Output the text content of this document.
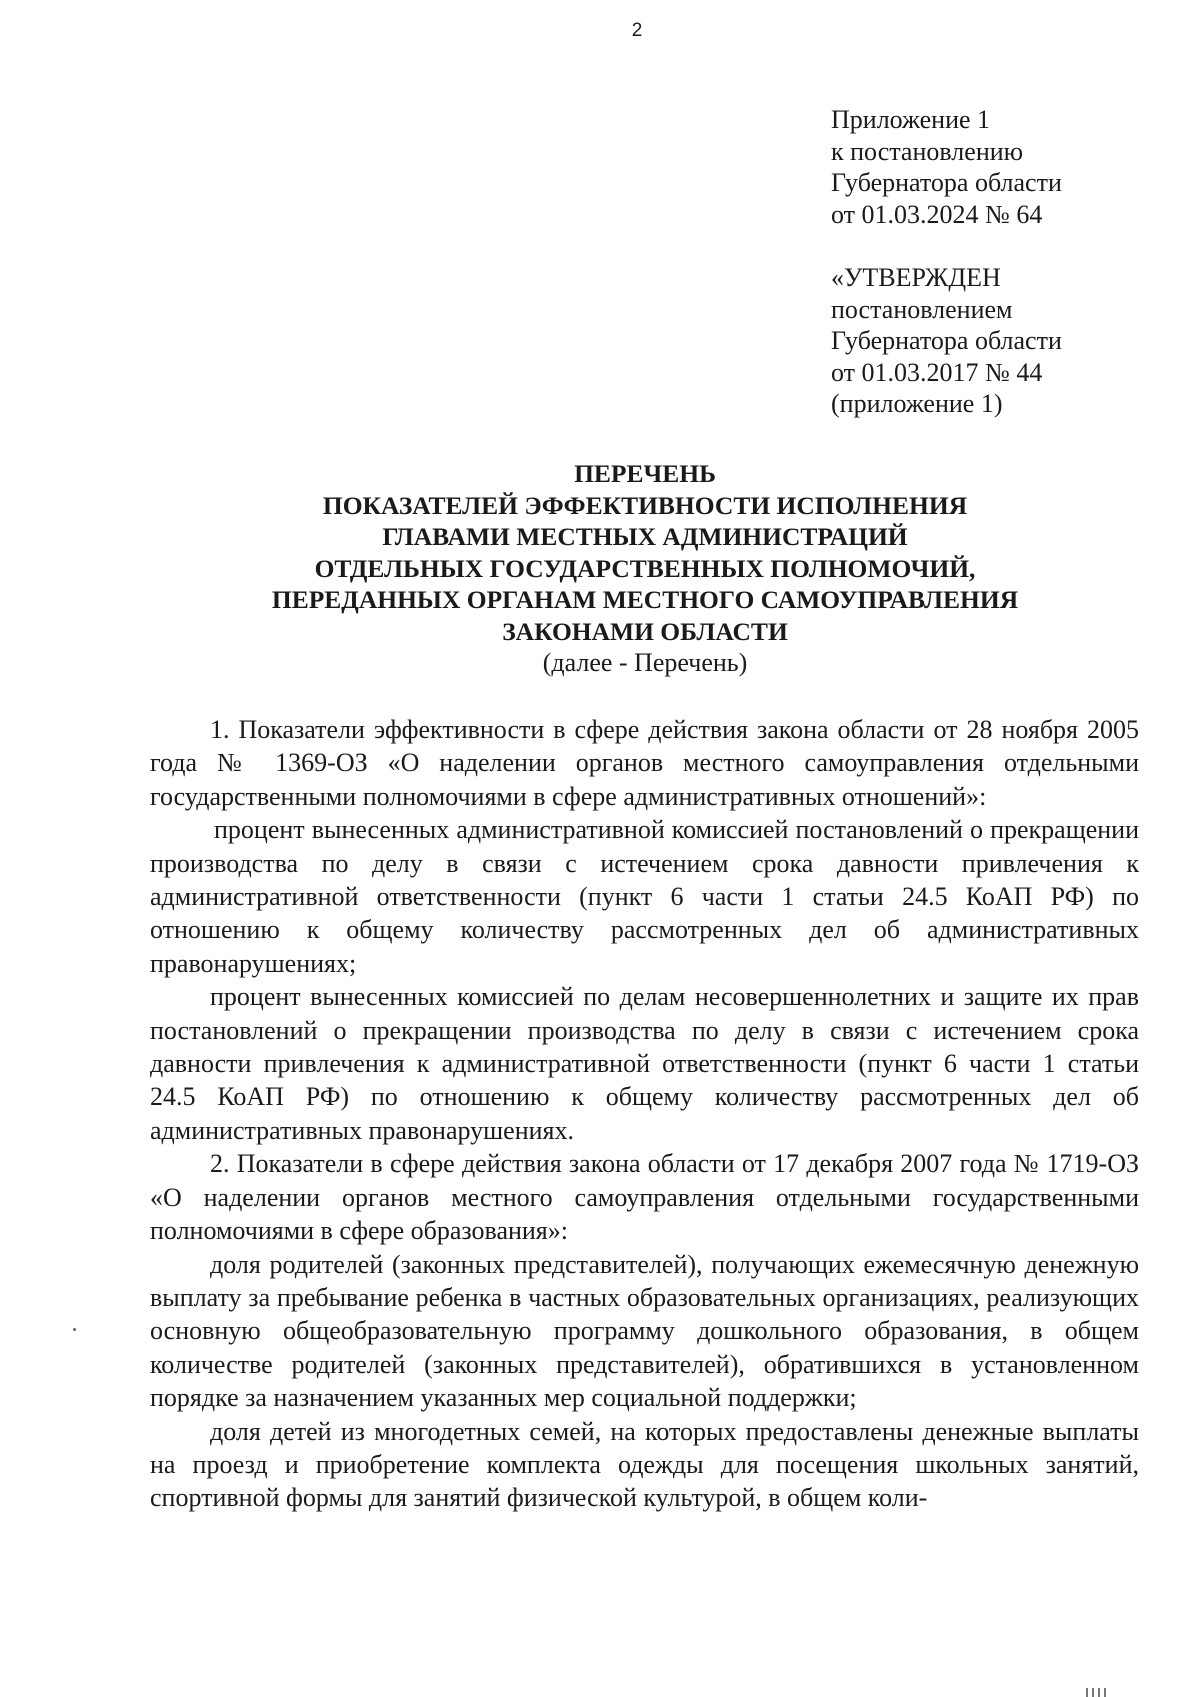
2
Приложение 1
к постановлению
Губернатора области
от 01.03.2024 № 64
«УТВЕРЖДЕН
постановлением
Губернатора области
от 01.03.2017 № 44
(приложение 1)
ПЕРЕЧЕНЬ
ПОКАЗАТЕЛЕЙ ЭФФЕКТИВНОСТИ ИСПОЛНЕНИЯ
ГЛАВАМИ МЕСТНЫХ АДМИНИСТРАЦИЙ
ОТДЕЛЬНЫХ ГОСУДАРСТВЕННЫХ ПОЛНОМОЧИЙ,
ПЕРЕДАННЫХ ОРГАНАМ МЕСТНОГО САМОУПРАВЛЕНИЯ
ЗАКОНАМИ ОБЛАСТИ
(далее - Перечень)

1. Показатели эффективности в сфере действия закона области от 28 ноября 2005 года № 1369-ОЗ «О наделении органов местного самоуправления отдельными государственными полномочиями в сфере административных отношений»:

процент вынесенных административной комиссией постановлений о прекращении производства по делу в связи с истечением срока давности привлечения к административной ответственности (пункт 6 части 1 статьи 24.5 КоАП РФ) по отношению к общему количеству рассмотренных дел об административных правонарушениях;

процент вынесенных комиссией по делам несовершеннолетних и защите их прав постановлений о прекращении производства по делу в связи с истечением срока давности привлечения к административной ответственности (пункт 6 части 1 статьи 24.5 КоАП РФ) по отношению к общему количеству рассмотренных дел об административных правонарушениях.

2. Показатели в сфере действия закона области от 17 декабря 2007 года № 1719-ОЗ «О наделении органов местного самоуправления отдельными государственными полномочиями в сфере образования»:

доля родителей (законных представителей), получающих ежемесячную денежную выплату за пребывание ребенка в частных образовательных организациях, реализующих основную общеобразовательную программу дошкольного образования, в общем количестве родителей (законных представителей), обратившихся в установленном порядке за назначением указанных мер социальной поддержки;

доля детей из многодетных семей, на которых предоставлены денежные выплаты на проезд и приобретение комплекта одежды для посещения школьных занятий, спортивной формы для занятий физической культурой, в общем коли-
